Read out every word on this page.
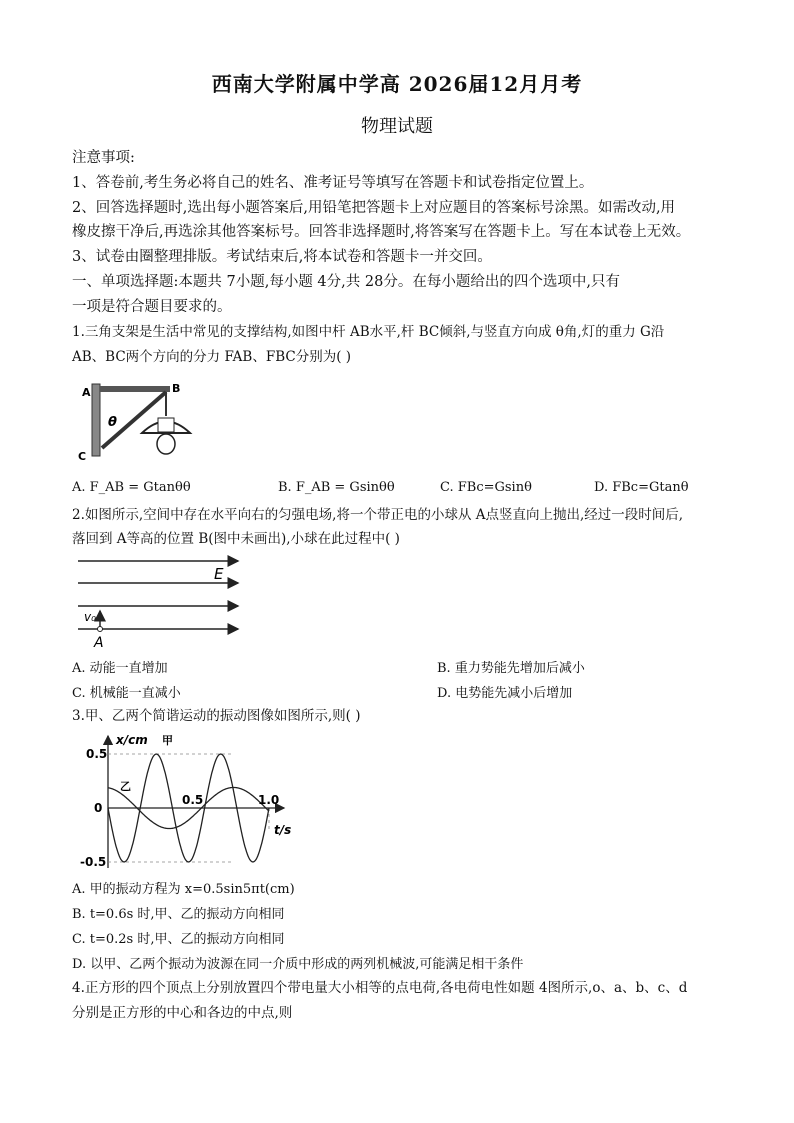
西南大学附属中学高 2026届12月月考
物理试题
注意事项:
1、答卷前,考生务必将自己的姓名、准考证号等填写在答题卡和试卷指定位置上。
2、回答选择题时,选出每小题答案后,用铅笔把答题卡上对应题目的答案标号涂黑。如需改动,用
橡皮擦干净后,再选涂其他答案标号。回答非选择题时,将答案写在答题卡上。写在本试卷上无效。
3、试卷由圈整理排版。考试结束后,将本试卷和答题卡一并交回。
一、单项选择题:本题共 7小题,每小题 4分,共 28分。在每小题给出的四个选项中,只有
一项是符合题目要求的。
1.三角支架是生活中常见的支撑结构,如图中杆 AB水平,杆 BC倾斜,与竖直方向成 θ角,灯的重力 G沿
AB、BC两个方向的分力 FAB、FBC分别为( )
A	B
C
θ
A. F_AB = Gtanθθ	B. F_AB = Gsinθθ	C. FBc=Gsinθ	D. FBc=Gtanθ
2.如图所示,空间中存在水平向右的匀强电场,将一个带正电的小球从 A点竖直向上抛出,经过一段时间后,
落回到 A等高的位置 B(图中未画出),小球在此过程中( )
E
v₀
A
A. 动能一直增加	B. 重力势能先增加后减小
C. 机械能一直减小	D. 电势能先减小后增加
3.甲、乙两个简谐运动的振动图像如图所示,则( )
x/cm 甲
乙
0.5
0
-0.5
0.5	1.0
t/s
A. 甲的振动方程为 x=0.5sin5πt(cm)
B. t=0.6s 时,甲、乙的振动方向相同
C. t=0.2s 时,甲、乙的振动方向相同
D. 以甲、乙两个振动为波源在同一介质中形成的两列机械波,可能满足相干条件
4.正方形的四个顶点上分别放置四个带电量大小相等的点电荷,各电荷电性如题 4图所示,o、a、b、c、d
分别是正方形的中心和各边的中点,则
